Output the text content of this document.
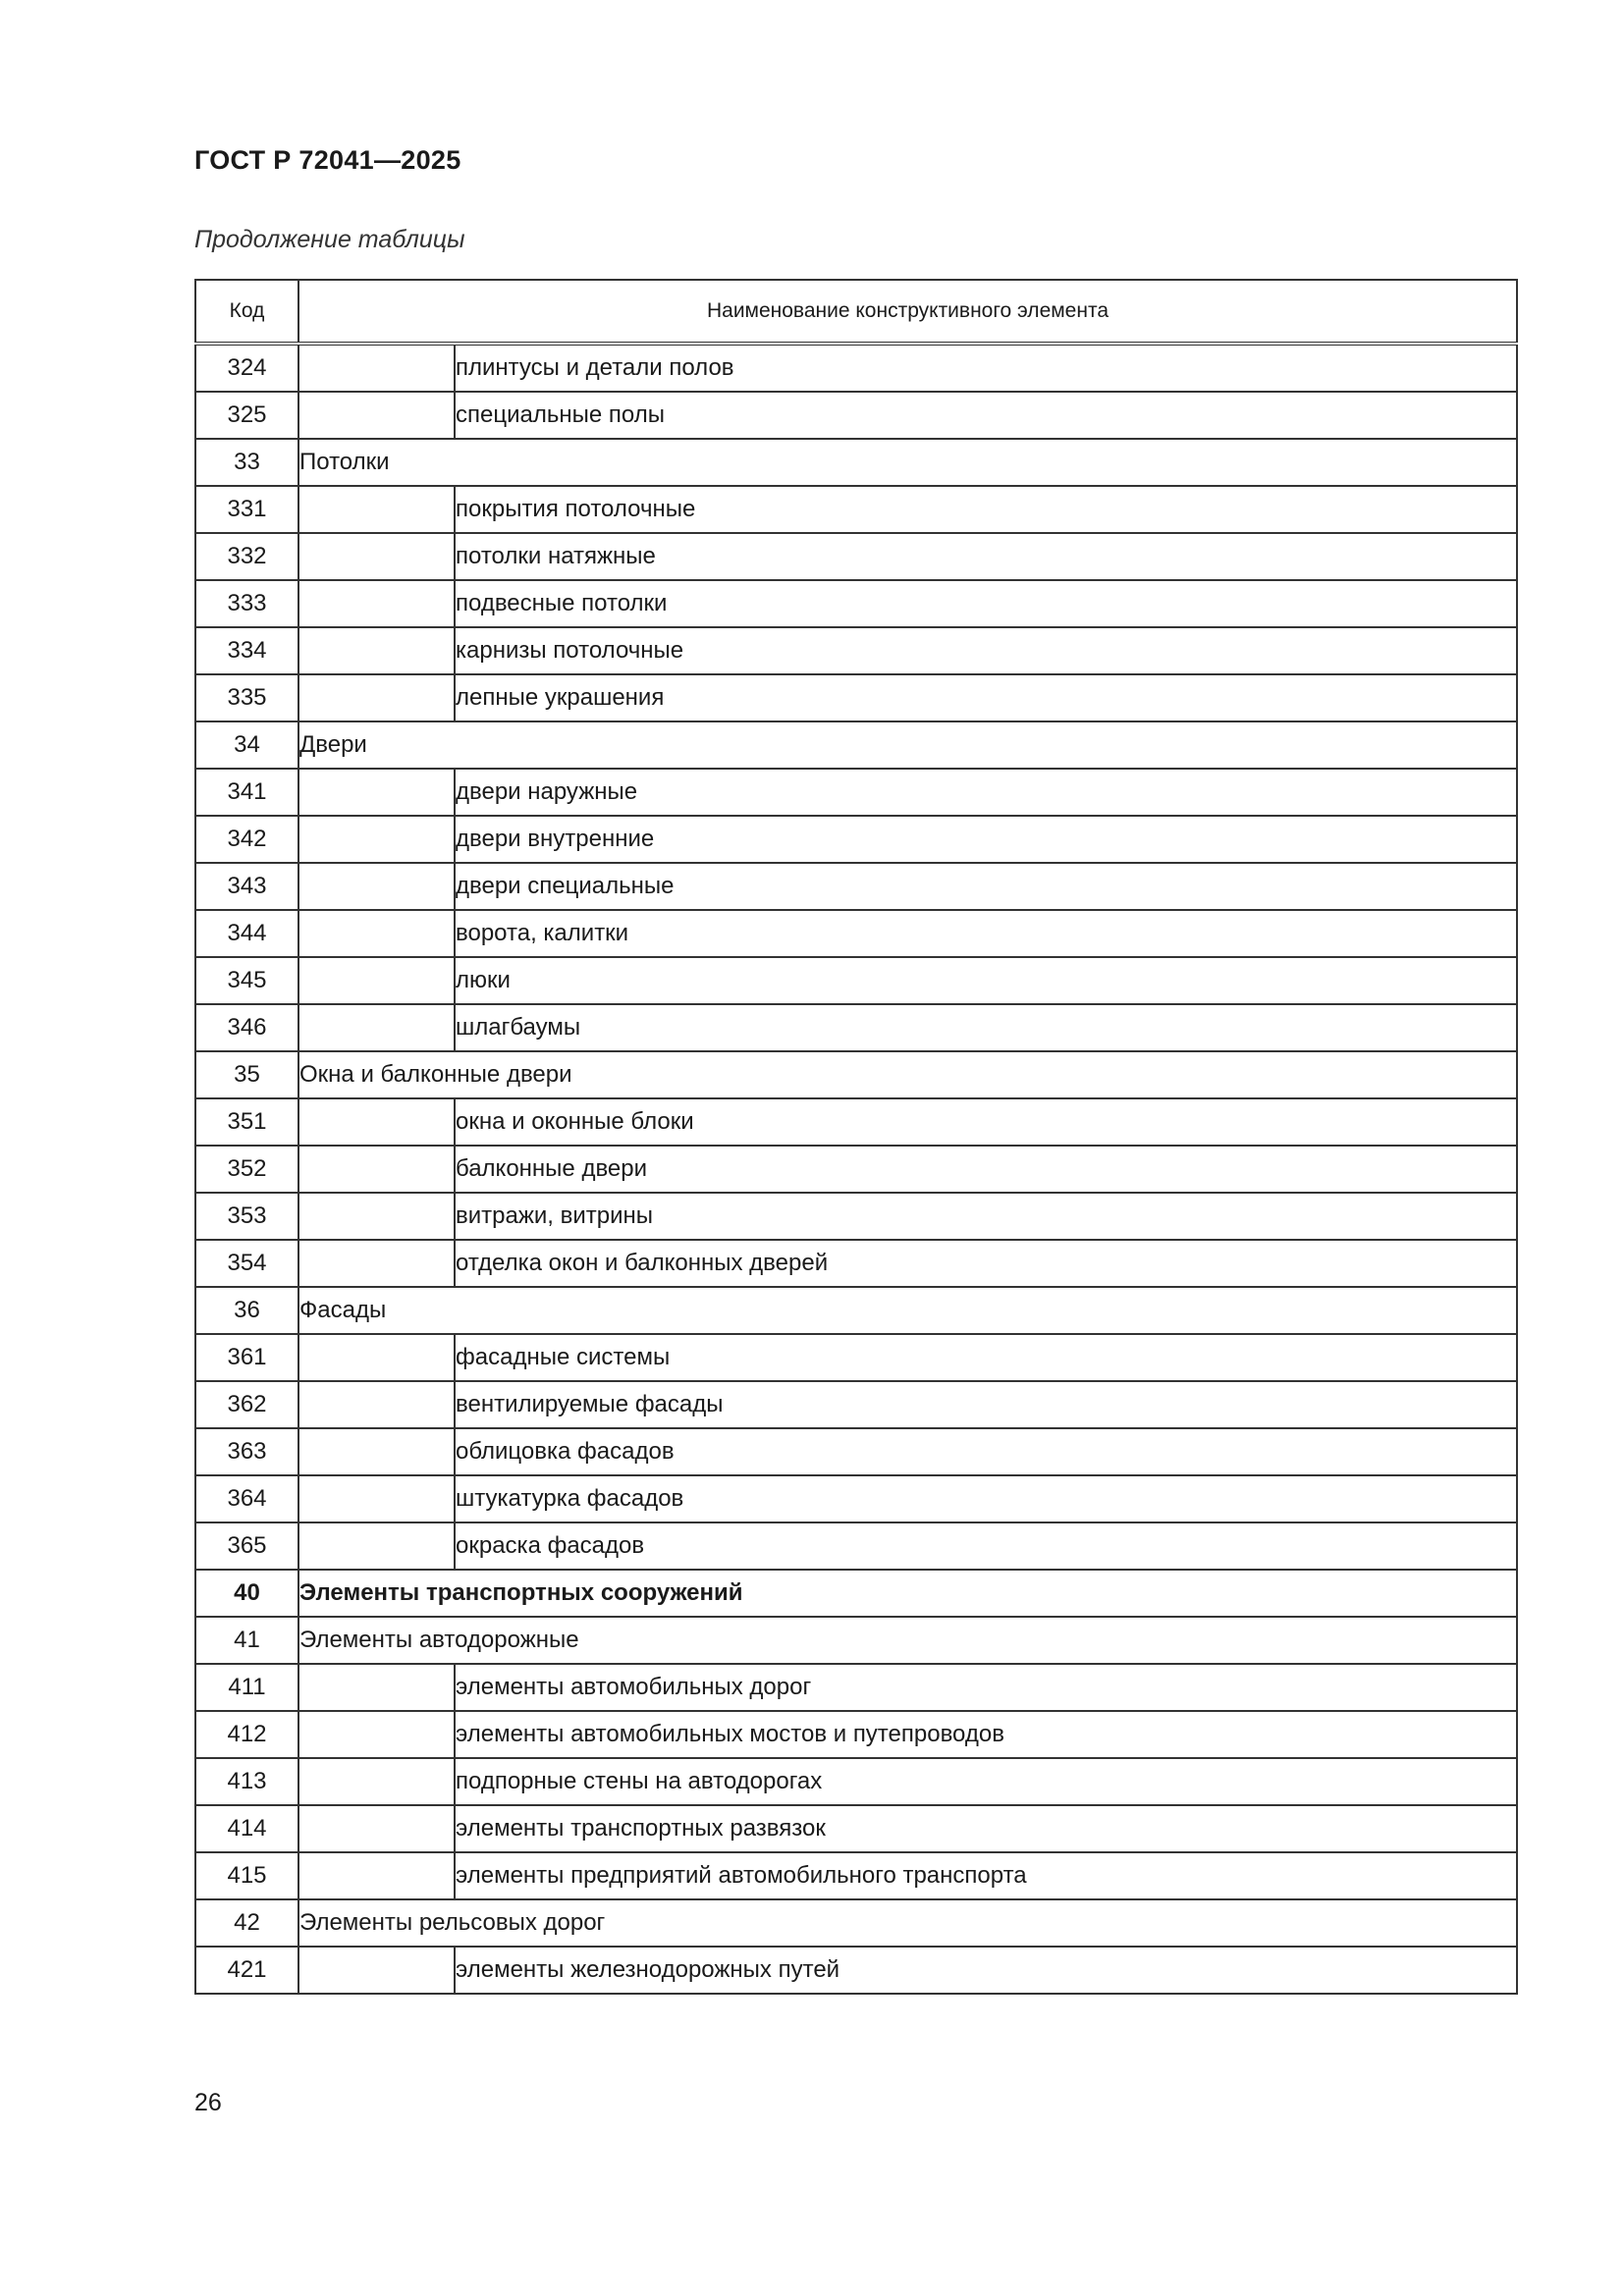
ГОСТ Р 72041—2025
Продолжение таблицы
Код	Наименование конструктивного элемента	
324		плинтусы и детали полов
325		специальные полы
33	Потолки	
331		покрытия потолочные
332		потолки натяжные
333		подвесные потолки
334		карнизы потолочные
335		лепные украшения
34	Двери	
341		двери наружные
342		двери внутренние
343		двери специальные
344		ворота, калитки
345		люки
346		шлагбаумы
35	Окна и балконные двери	
351		окна и оконные блоки
352		балконные двери
353		витражи, витрины
354		отделка окон и балконных дверей
36	Фасады	
361		фасадные системы
362		вентилируемые фасады
363		облицовка фасадов
364		штукатурка фасадов
365		окраска фасадов
40	Элементы транспортных сооружений	
41	Элементы автодорожные	
411		элементы автомобильных дорог
412		элементы автомобильных мостов и путепроводов
413		подпорные стены на автодорогах
414		элементы транспортных развязок
415		элементы предприятий автомобильного транспорта
42	Элементы рельсовых дорог	
421		элементы железнодорожных путей
26
